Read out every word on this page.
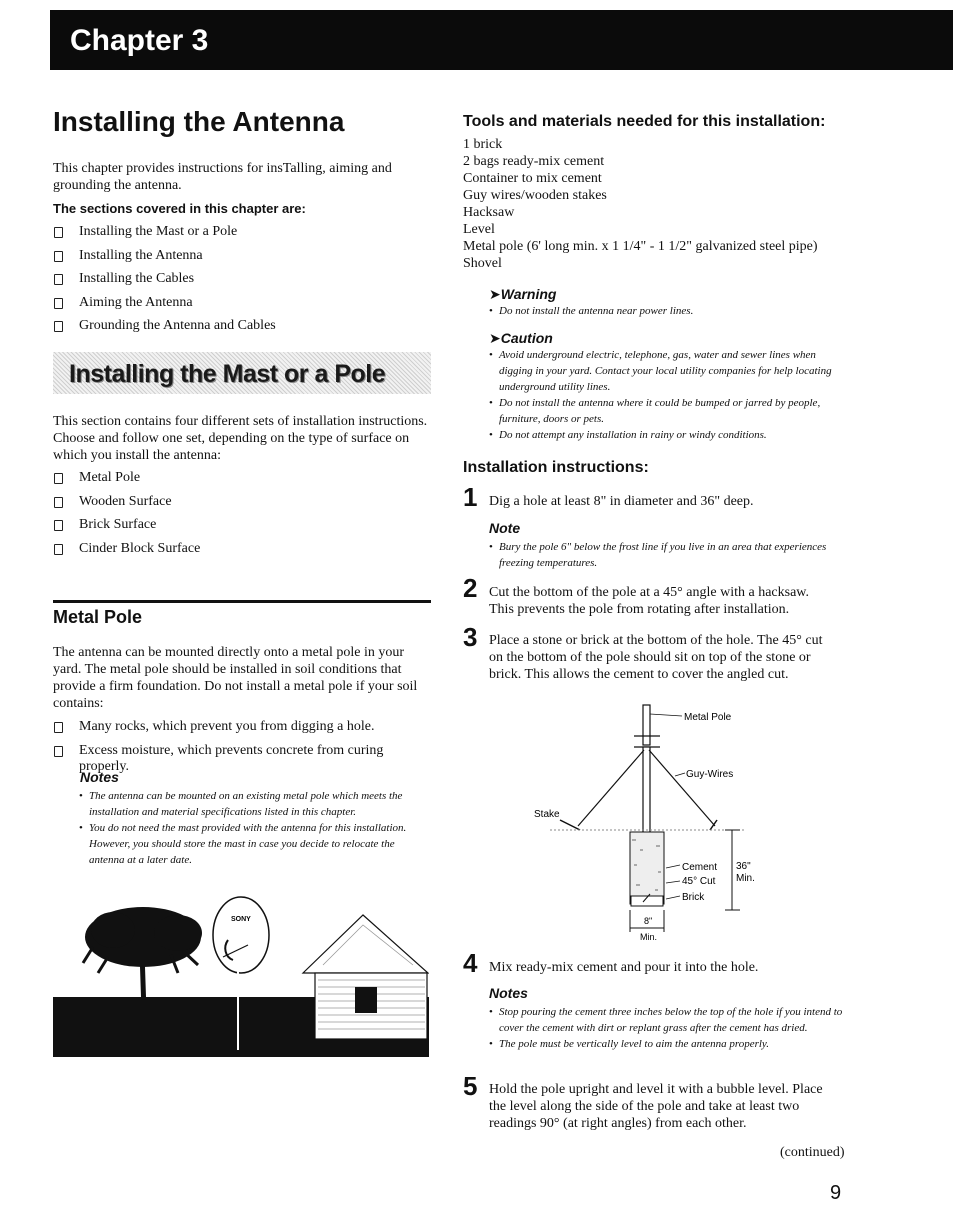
Chapter 3
Installing the Antenna
This chapter provides instructions for insTalling, aiming and grounding the antenna.
The sections covered in this chapter are:
Installing the Mast or a Pole
Installing the Antenna
Installing the Cables
Aiming the Antenna
Grounding the Antenna and Cables
Installing the Mast or a Pole
This section contains four different sets of installation instructions. Choose and follow one set, depending on the type of surface on which you install the antenna:
Metal Pole
Wooden Surface
Brick Surface
Cinder Block Surface
Metal Pole
The antenna can be mounted directly onto a metal pole in your yard. The metal pole should be installed in soil conditions that provide a firm foundation. Do not install a metal pole if your soil contains:
Many rocks, which prevent you from digging a hole.
Excess moisture, which prevents concrete from curing properly.
Notes
• The antenna can be mounted on an existing metal pole which meets the installation and material specifications listed in this chapter.
• You do not need the mast provided with the antenna for this installation. However, you should store the mast in case you decide to relocate the antenna at a later date.
SONY
Tools and materials needed for this installation:
1 brick
2 bags ready-mix cement
Container to mix cement
Guy wires/wooden stakes
Hacksaw
Level
Metal pole (6' long min. x 1 1/4" - 1 1/2" galvanized steel pipe)
Shovel
➤Warning
• Do not install the antenna near power lines.
➤Caution
• Avoid underground electric, telephone, gas, water and sewer lines when digging in your yard. Contact your local utility companies for help locating underground utility lines.
• Do not install the antenna where it could be bumped or jarred by people, furniture, doors or pets.
• Do not attempt any installation in rainy or windy conditions.
Installation instructions:
1 Dig a hole at least 8" in diameter and 36" deep.
Note
• Bury the pole 6" below the frost line if you live in an area that experiences freezing temperatures.
2 Cut the bottom of the pole at a 45° angle with a hacksaw. This prevents the pole from rotating after installation.
3 Place a stone or brick at the bottom of the hole. The 45° cut on the bottom of the pole should sit on top of the stone or brick. This allows the cement to cover the angled cut.
Metal Pole
Guy-Wires
Stake
Cement
45° Cut
Brick
36"
Min.
8"
Min.
4 Mix ready-mix cement and pour it into the hole.
Notes
• Stop pouring the cement three inches below the top of the hole if you intend to cover the cement with dirt or replant grass after the cement has dried.
• The pole must be vertically level to aim the antenna properly.
5 Hold the pole upright and level it with a bubble level. Place the level along the side of the pole and take at least two readings 90° (at right angles) from each other.
(continued)
9
